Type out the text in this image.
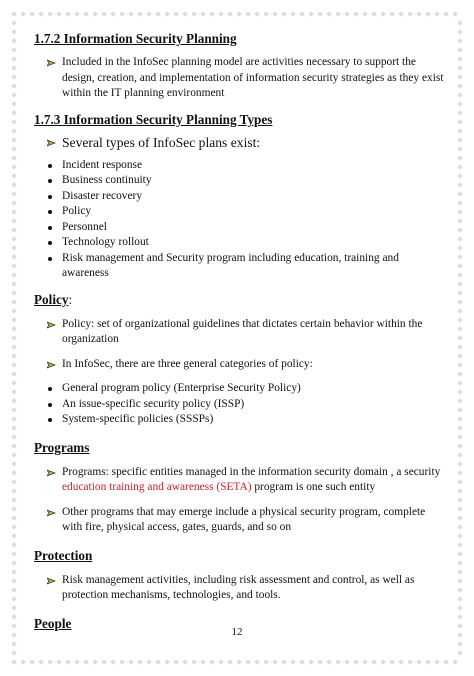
1.7.2 Information Security Planning
Included in the InfoSec planning model are activities necessary to support the design, creation, and implementation of information security strategies as they exist within the IT planning environment
1.7.3 Information Security Planning Types
Several types of InfoSec plans exist:
Incident response
Business continuity
Disaster recovery
Policy
Personnel
Technology rollout
Risk management and Security program including education, training and awareness
Policy:
Policy: set of organizational guidelines that dictates certain behavior within the organization
In InfoSec, there are three general categories of policy:
General program policy (Enterprise Security Policy)
An issue-specific security policy (ISSP)
System-specific policies (SSSPs)
Programs
Programs: specific entities managed in the information security domain , a security education training and awareness (SETA) program is one such entity
Other programs that may emerge include a physical security program, complete with fire, physical access, gates, guards, and so on
Protection
Risk management activities, including risk assessment and control, as well as protection mechanisms, technologies, and tools.
People
12
